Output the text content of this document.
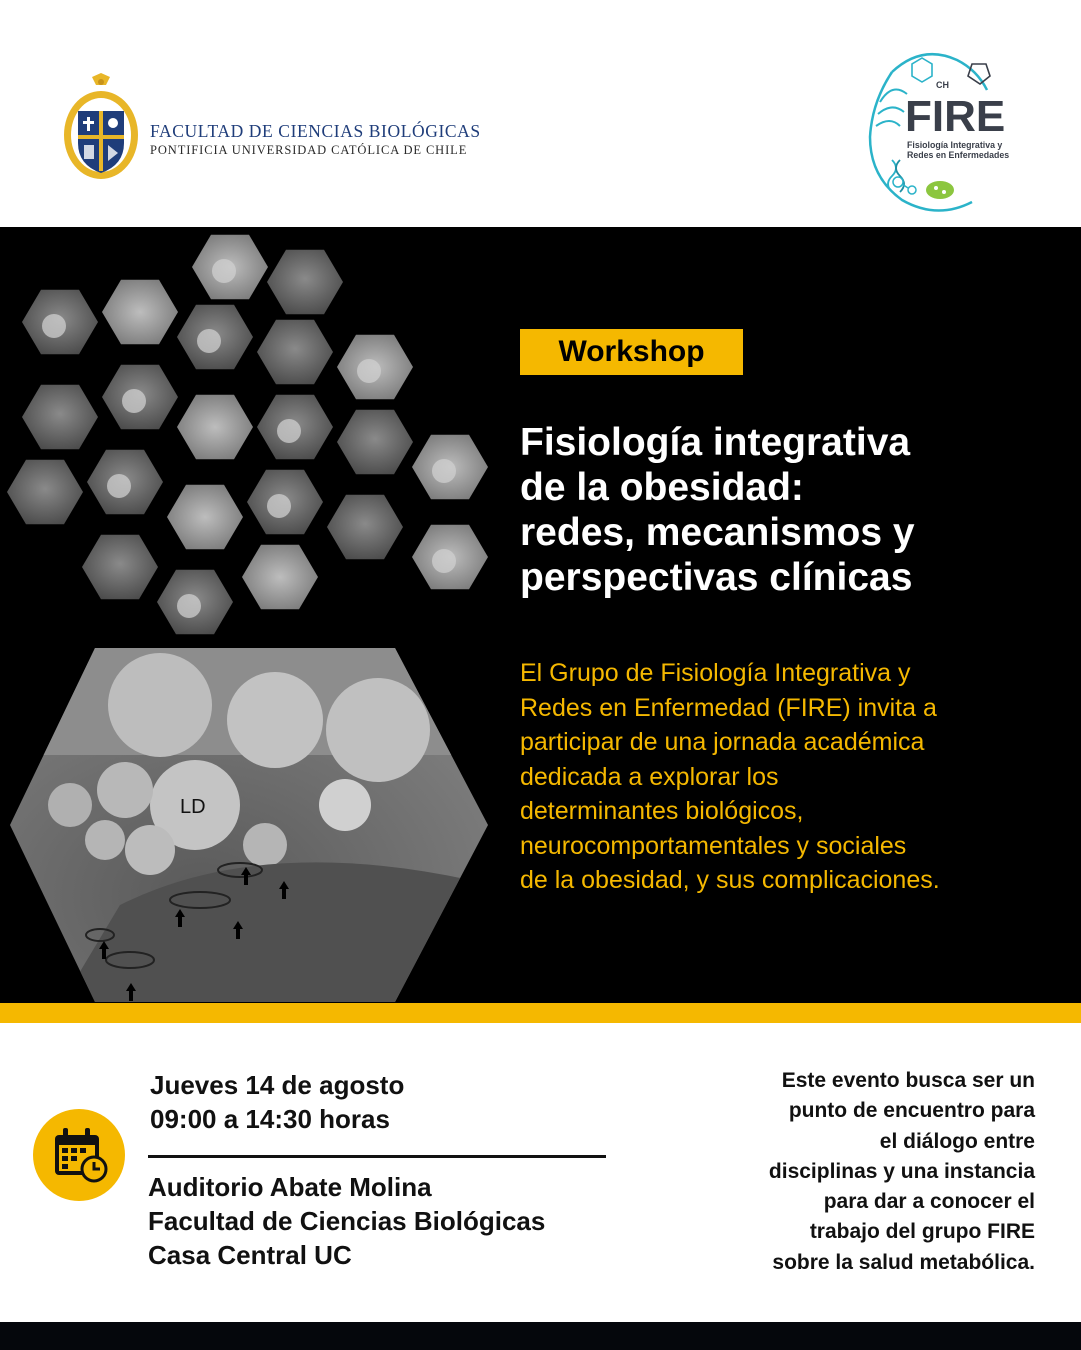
FACULTAD DE CIENCIAS BIOLÓGICAS
PONTIFICIA UNIVERSIDAD CATÓLICA DE CHILE
CH
FIRE
Fisiología Integrativa y
Redes en Enfermedades
LD
Workshop
Fisiología integrativa
de la obesidad:
redes, mecanismos y
perspectivas clínicas
El Grupo de Fisiología Integrativa y
Redes en Enfermedad (FIRE) invita a
participar de una jornada académica
dedicada a explorar los
determinantes biológicos,
neurocomportamentales y sociales
de la obesidad, y sus complicaciones.
Jueves 14 de agosto
09:00 a 14:30 horas
Auditorio Abate Molina
Facultad de Ciencias Biológicas
Casa Central UC
Este evento busca ser un
punto de encuentro para
el diálogo entre
disciplinas y una instancia
para dar a conocer el
trabajo del grupo FIRE
sobre la salud metabólica.
